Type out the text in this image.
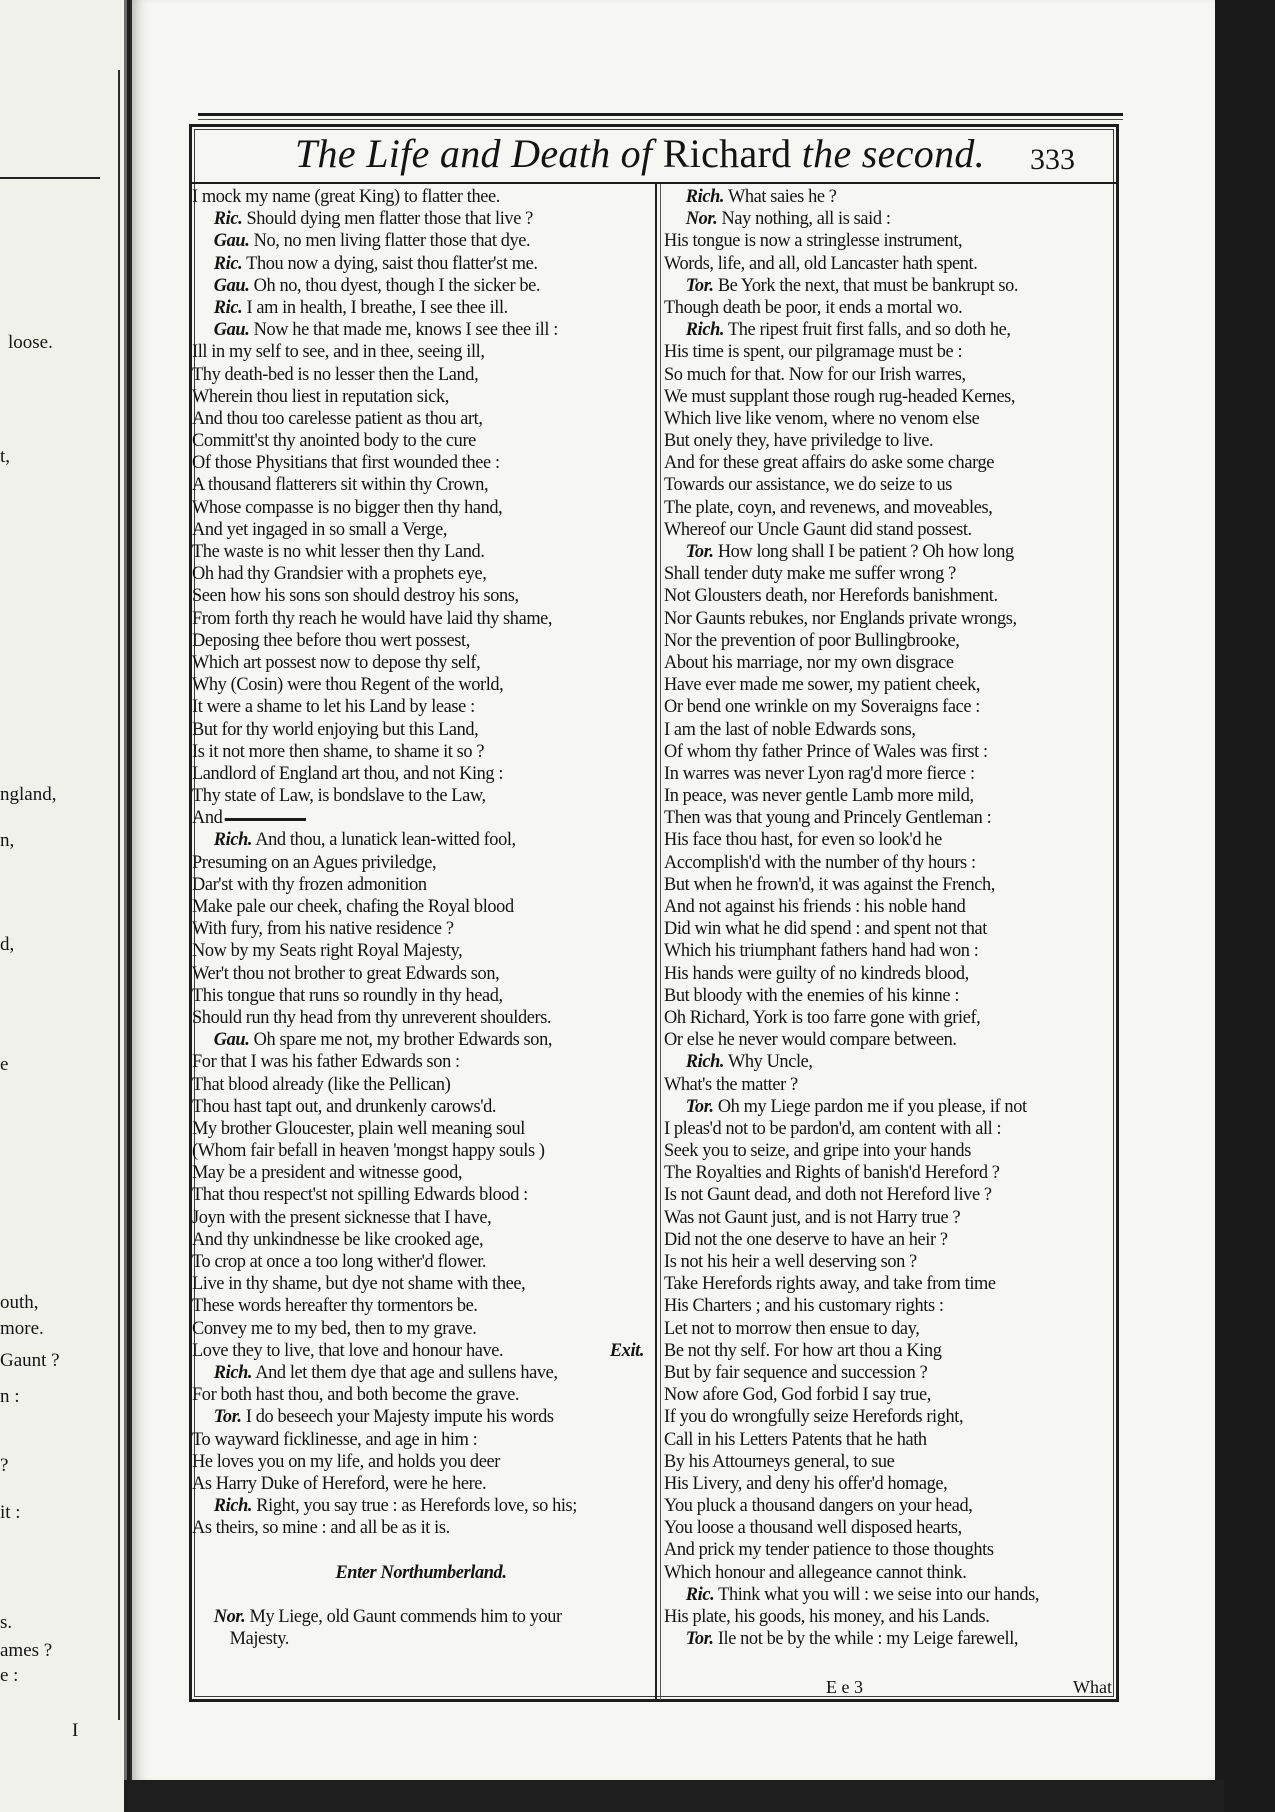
loose.
t,
ngland,
n,
d,
e
outh,
more.
Gaunt ?
n :
?
it :
s.
ames ?
e :
I
The Life and Death of Richard the second. 333
I mock my name (great King) to flatter thee.
Ric. Should dying men flatter those that live ?
Gau. No, no men living flatter those that dye.
Ric. Thou now a dying, saist thou flatter'st me.
Gau. Oh no, thou dyest, though I the sicker be.
Ric. I am in health, I breathe, I see thee ill.
Gau. Now he that made me, knows I see thee ill :
Ill in my self to see, and in thee, seeing ill,
Thy death-bed is no lesser then the Land,
Wherein thou liest in reputation sick,
And thou too carelesse patient as thou art,
Committ'st thy anointed body to the cure
Of those Physitians that first wounded thee :
A thousand flatterers sit within thy Crown,
Whose compasse is no bigger then thy hand,
And yet ingaged in so small a Verge,
The waste is no whit lesser then thy Land.
Oh had thy Grandsier with a prophets eye,
Seen how his sons son should destroy his sons,
From forth thy reach he would have laid thy shame,
Deposing thee before thou wert possest,
Which art possest now to depose thy self,
Why (Cosin) were thou Regent of the world,
It were a shame to let his Land by lease :
But for thy world enjoying but this Land,
Is it not more then shame, to shame it so ?
Landlord of England art thou, and not King :
Thy state of Law, is bondslave to the Law,
And
Rich. And thou, a lunatick lean-witted fool,
Presuming on an Agues priviledge,
Dar'st with thy frozen admonition
Make pale our cheek, chafing the Royal blood
With fury, from his native residence ?
Now by my Seats right Royal Majesty,
Wer't thou not brother to great Edwards son,
This tongue that runs so roundly in thy head,
Should run thy head from thy unreverent shoulders.
Gau. Oh spare me not, my brother Edwards son,
For that I was his father Edwards son :
That blood already (like the Pellican)
Thou hast tapt out, and drunkenly carows'd.
My brother Gloucester, plain well meaning soul
(Whom fair befall in heaven 'mongst happy souls )
May be a president and witnesse good,
That thou respect'st not spilling Edwards blood :
Joyn with the present sicknesse that I have,
And thy unkindnesse be like crooked age,
To crop at once a too long wither'd flower.
Live in thy shame, but dye not shame with thee,
These words hereafter thy tormentors be.
Convey me to my bed, then to my grave.
Exit.
Love they to live, that love and honour have.
Rich. And let them dye that age and sullens have,
For both hast thou, and both become the grave.
Tor. I do beseech your Majesty impute his words
To wayward ficklinesse, and age in him :
He loves you on my life, and holds you deer
As Harry Duke of Hereford, were he here.
Rich. Right, you say true : as Herefords love, so his;
As theirs, so mine : and all be as it is.
Enter Northumberland.
Nor. My Liege, old Gaunt commends him to your
Majesty.
Rich. What saies he ?
Nor. Nay nothing, all is said :
His tongue is now a stringlesse instrument,
Words, life, and all, old Lancaster hath spent.
Tor. Be York the next, that must be bankrupt so.
Though death be poor, it ends a mortal wo.
Rich. The ripest fruit first falls, and so doth he,
His time is spent, our pilgramage must be :
So much for that. Now for our Irish warres,
We must supplant those rough rug-headed Kernes,
Which live like venom, where no venom else
But onely they, have priviledge to live.
And for these great affairs do aske some charge
Towards our assistance, we do seize to us
The plate, coyn, and revenews, and moveables,
Whereof our Uncle Gaunt did stand possest.
Tor. How long shall I be patient ? Oh how long
Shall tender duty make me suffer wrong ?
Not Glousters death, nor Herefords banishment.
Nor Gaunts rebukes, nor Englands private wrongs,
Nor the prevention of poor Bullingbrooke,
About his marriage, nor my own disgrace
Have ever made me sower, my patient cheek,
Or bend one wrinkle on my Soveraigns face :
I am the last of noble Edwards sons,
Of whom thy father Prince of Wales was first :
In warres was never Lyon rag'd more fierce :
In peace, was never gentle Lamb more mild,
Then was that young and Princely Gentleman :
His face thou hast, for even so look'd he
Accomplish'd with the number of thy hours :
But when he frown'd, it was against the French,
And not against his friends : his noble hand
Did win what he did spend : and spent not that
Which his triumphant fathers hand had won :
His hands were guilty of no kindreds blood,
But bloody with the enemies of his kinne :
Oh Richard, York is too farre gone with grief,
Or else he never would compare between.
Rich. Why Uncle,
What's the matter ?
Tor. Oh my Liege pardon me if you please, if not
I pleas'd not to be pardon'd, am content with all :
Seek you to seize, and gripe into your hands
The Royalties and Rights of banish'd Hereford ?
Is not Gaunt dead, and doth not Hereford live ?
Was not Gaunt just, and is not Harry true ?
Did not the one deserve to have an heir ?
Is not his heir a well deserving son ?
Take Herefords rights away, and take from time
His Charters ; and his customary rights :
Let not to morrow then ensue to day,
Be not thy self. For how art thou a King
But by fair sequence and succession ?
Now afore God, God forbid I say true,
If you do wrongfully seize Herefords right,
Call in his Letters Patents that he hath
By his Attourneys general, to sue
His Livery, and deny his offer'd homage,
You pluck a thousand dangers on your head,
You loose a thousand well disposed hearts,
And prick my tender patience to those thoughts
Which honour and allegeance cannot think.
Ric. Think what you will : we seise into our hands,
His plate, his goods, his money, and his Lands.
Tor. Ile not be by the while : my Leige farewell,
E e 3	What
